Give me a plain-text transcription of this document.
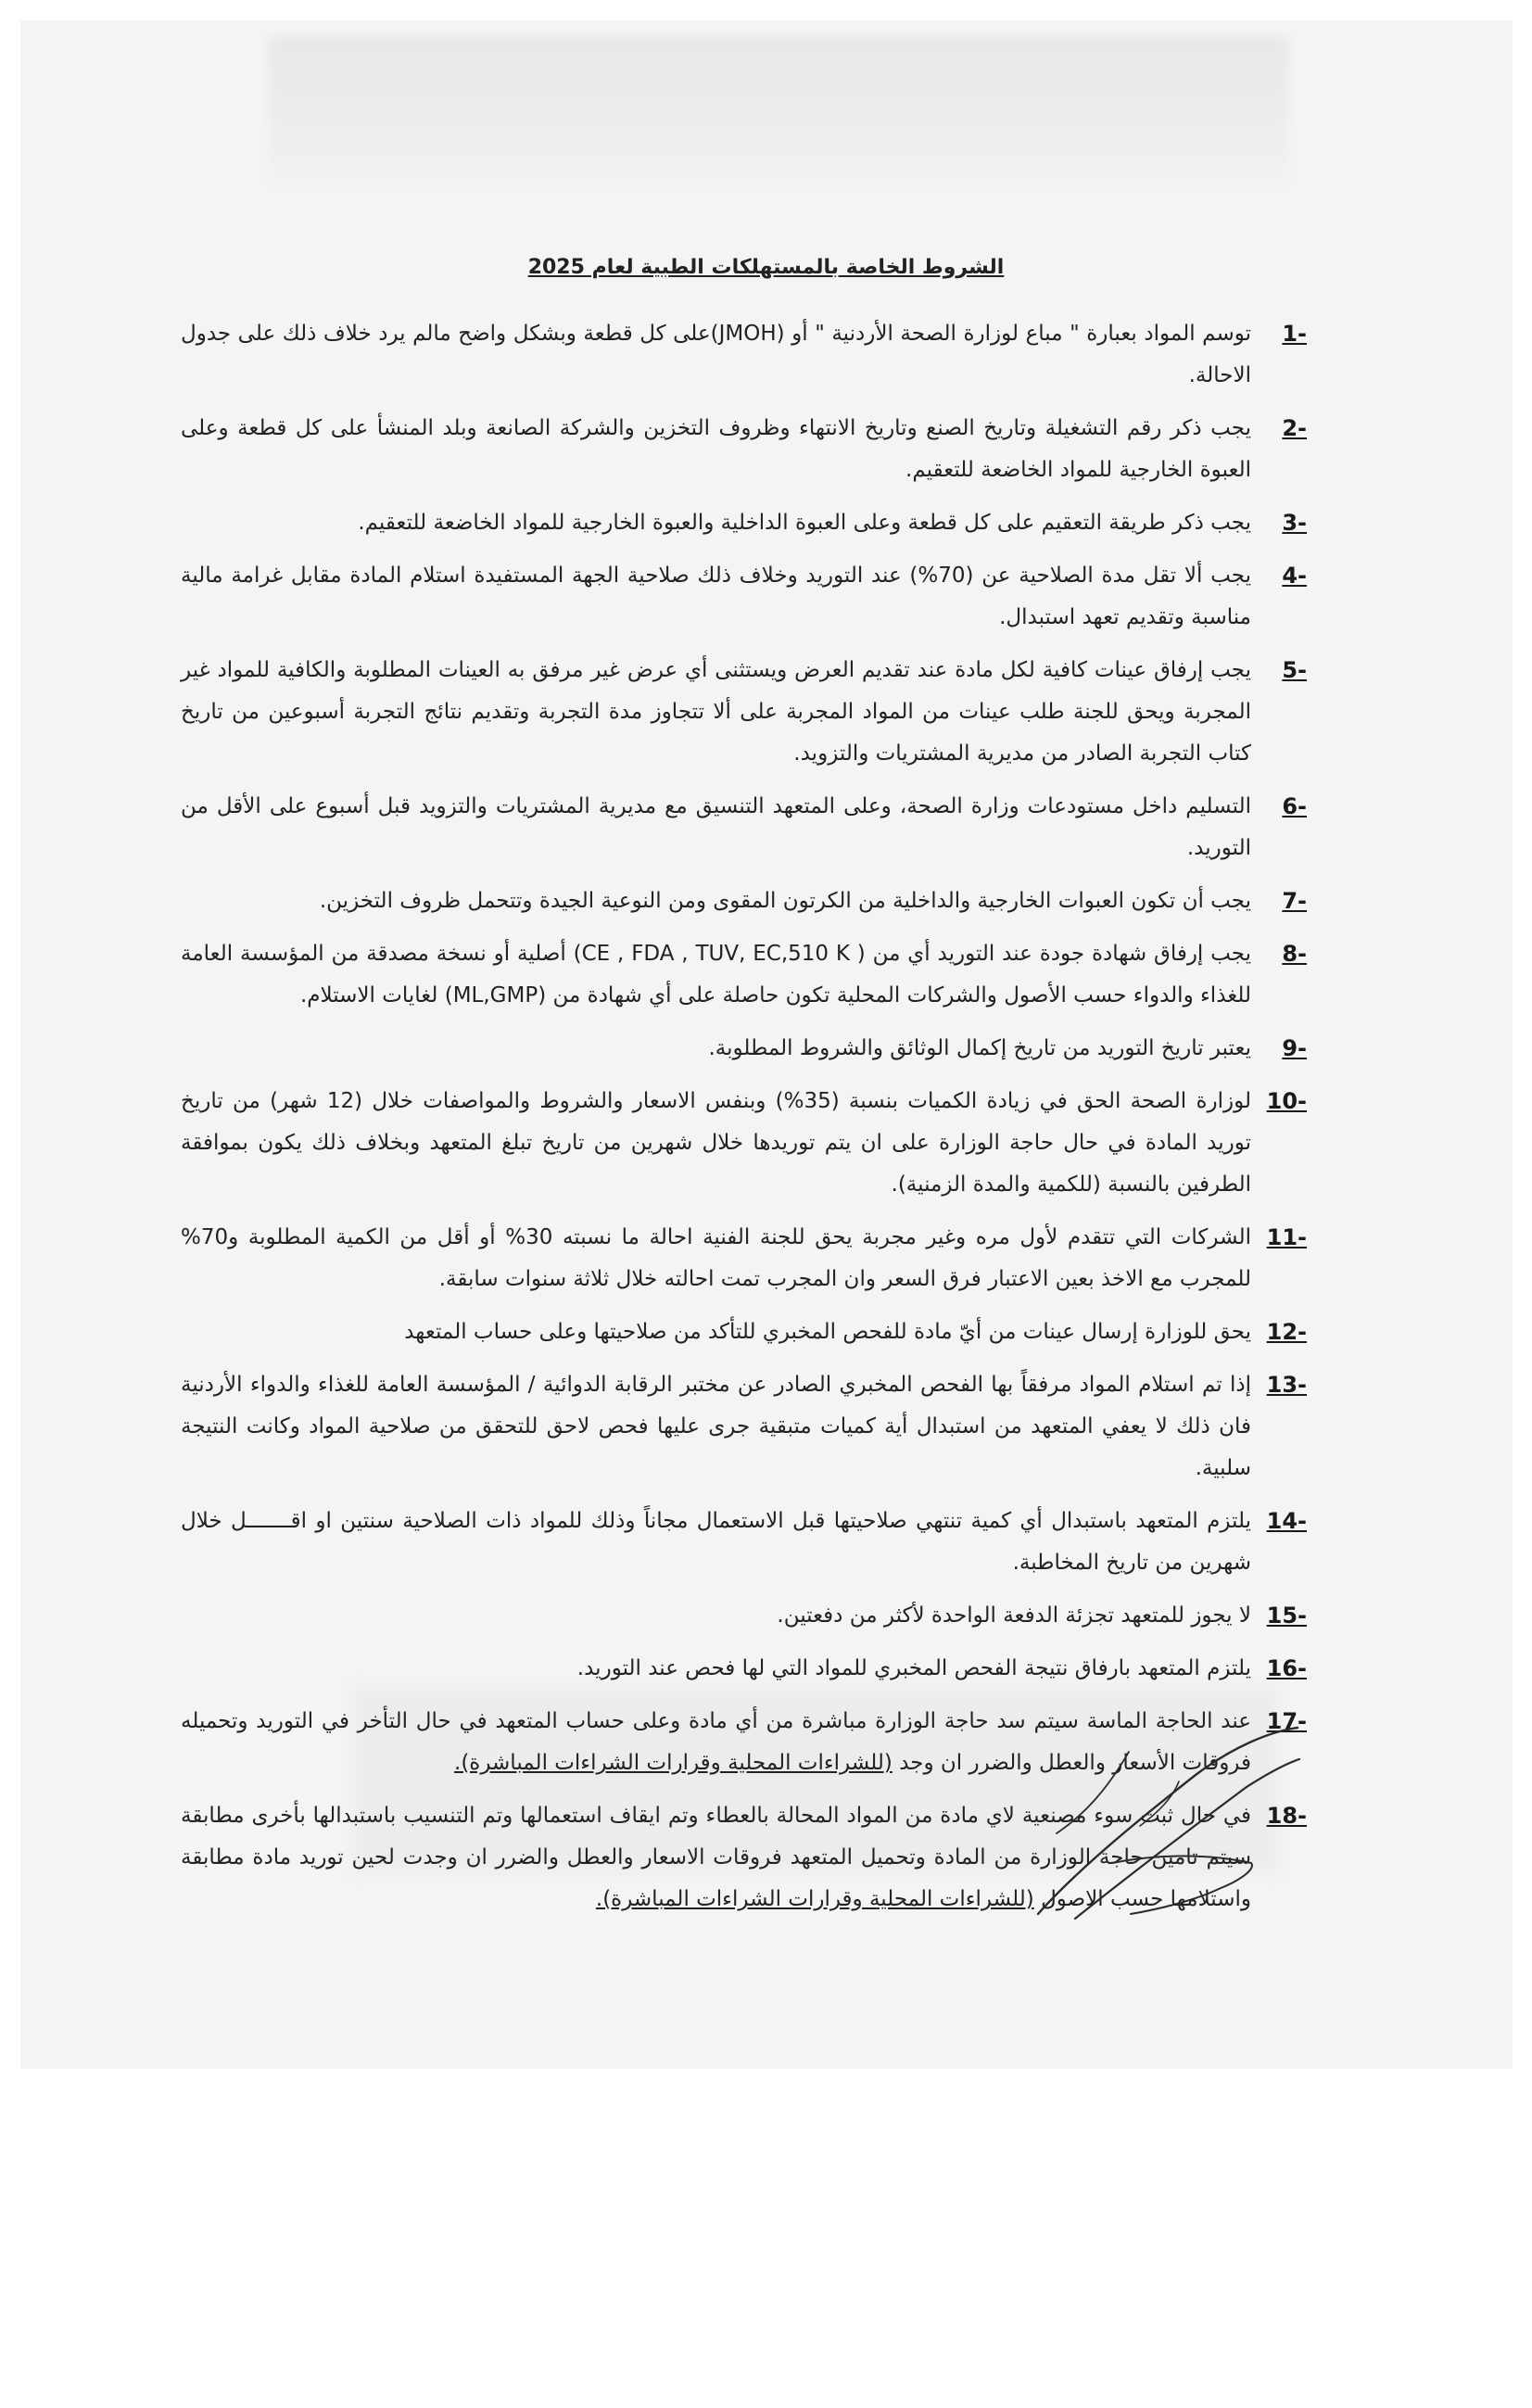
الشروط الخاصة بالمستهلكات الطبية لعام 2025
1-
توسم المواد بعبارة " مباع لوزارة الصحة الأردنية " أو (JMOH)على كل قطعة وبشكل واضح مالم يرد خلاف ذلك على جدول الاحالة.
2-
يجب ذكر رقم التشغيلة وتاريخ الصنع وتاريخ الانتهاء وظروف التخزين والشركة الصانعة وبلد المنشأ على كل قطعة وعلى العبوة الخارجية للمواد الخاضعة للتعقيم.
3-
يجب ذكر طريقة التعقيم على كل قطعة وعلى العبوة الداخلية والعبوة الخارجية للمواد الخاضعة للتعقيم.
4-
يجب ألا تقل مدة الصلاحية عن (70%) عند التوريد وخلاف ذلك صلاحية الجهة المستفيدة استلام المادة مقابل غرامة مالية مناسبة وتقديم تعهد استبدال.
5-
يجب إرفاق عينات كافية لكل مادة عند تقديم العرض ويستثنى أي عرض غير مرفق به العينات المطلوبة والكافية للمواد غير المجربة ويحق للجنة طلب عينات من المواد المجربة على ألا تتجاوز مدة التجربة وتقديم نتائج التجربة أسبوعين من تاريخ كتاب التجربة الصادر من مديرية المشتريات والتزويد.
6-
التسليم داخل مستودعات وزارة الصحة، وعلى المتعهد التنسيق مع مديرية المشتريات والتزويد قبل أسبوع على الأقل من التوريد.
7-
يجب أن تكون العبوات الخارجية والداخلية من الكرتون المقوى ومن النوعية الجيدة وتتحمل ظروف التخزين.
8-
يجب إرفاق شهادة جودة عند التوريد أي من ( CE , FDA , TUV, EC,510 K) أصلية أو نسخة مصدقة من المؤسسة العامة للغذاء والدواء حسب الأصول والشركات المحلية تكون حاصلة على أي شهادة من (ML,GMP) لغايات الاستلام.
9-
يعتبر تاريخ التوريد من تاريخ إكمال الوثائق والشروط المطلوبة.
10-
لوزارة الصحة الحق في زيادة الكميات بنسبة (35%) وبنفس الاسعار والشروط والمواصفات خلال (12 شهر) من تاريخ توريد المادة في حال حاجة الوزارة على ان يتم توريدها خلال شهرين من تاريخ تبلغ المتعهد وبخلاف ذلك يكون بموافقة الطرفين بالنسبة (للكمية والمدة الزمنية).
11-
الشركات التي تتقدم لأول مره وغير مجربة يحق للجنة الفنية احالة ما نسبته 30% أو أقل من الكمية المطلوبة و70% للمجرب مع الاخذ بعين الاعتبار فرق السعر وان المجرب تمت احالته خلال ثلاثة سنوات سابقة.
12-
يحق للوزارة إرسال عينات من أيّ مادة للفحص المخبري للتأكد من صلاحيتها وعلى حساب المتعهد
13-
إذا تم استلام المواد مرفقاً بها الفحص المخبري الصادر عن مختبر الرقابة الدوائية / المؤسسة العامة للغذاء والدواء الأردنية فان ذلك لا يعفي المتعهد من استبدال أية كميات متبقية جرى عليها فحص لاحق للتحقق من صلاحية المواد وكانت النتيجة سلبية.
14-
يلتزم المتعهد باستبدال أي كمية تنتهي صلاحيتها قبل الاستعمال مجاناً وذلك للمواد ذات الصلاحية سنتين او اقـــــــل خلال شهرين من تاريخ المخاطبة.
15-
لا يجوز للمتعهد تجزئة الدفعة الواحدة لأكثر من دفعتين.
16-
يلتزم المتعهد بارفاق نتيجة الفحص المخبري للمواد التي لها فحص عند التوريد.
17-
عند الحاجة الماسة سيتم سد حاجة الوزارة مباشرة من أي مادة وعلى حساب المتعهد في حال التأخر في التوريد وتحميله فروقات الأسعار والعطل والضرر ان وجد (للشراءات المحلية وقرارات الشراءات المباشرة).
18-
في حال ثبت سوء مصنعية لاي مادة من المواد المحالة بالعطاء وتم ايقاف استعمالها وتم التنسيب باستبدالها بأخرى مطابقة سيتم تامين حاجة الوزارة من المادة وتحميل المتعهد فروقات الاسعار والعطل والضرر ان وجدت لحين توريد مادة مطابقة واستلامها حسب الاصول (للشراءات المحلية وقرارات الشراءات المباشرة).
